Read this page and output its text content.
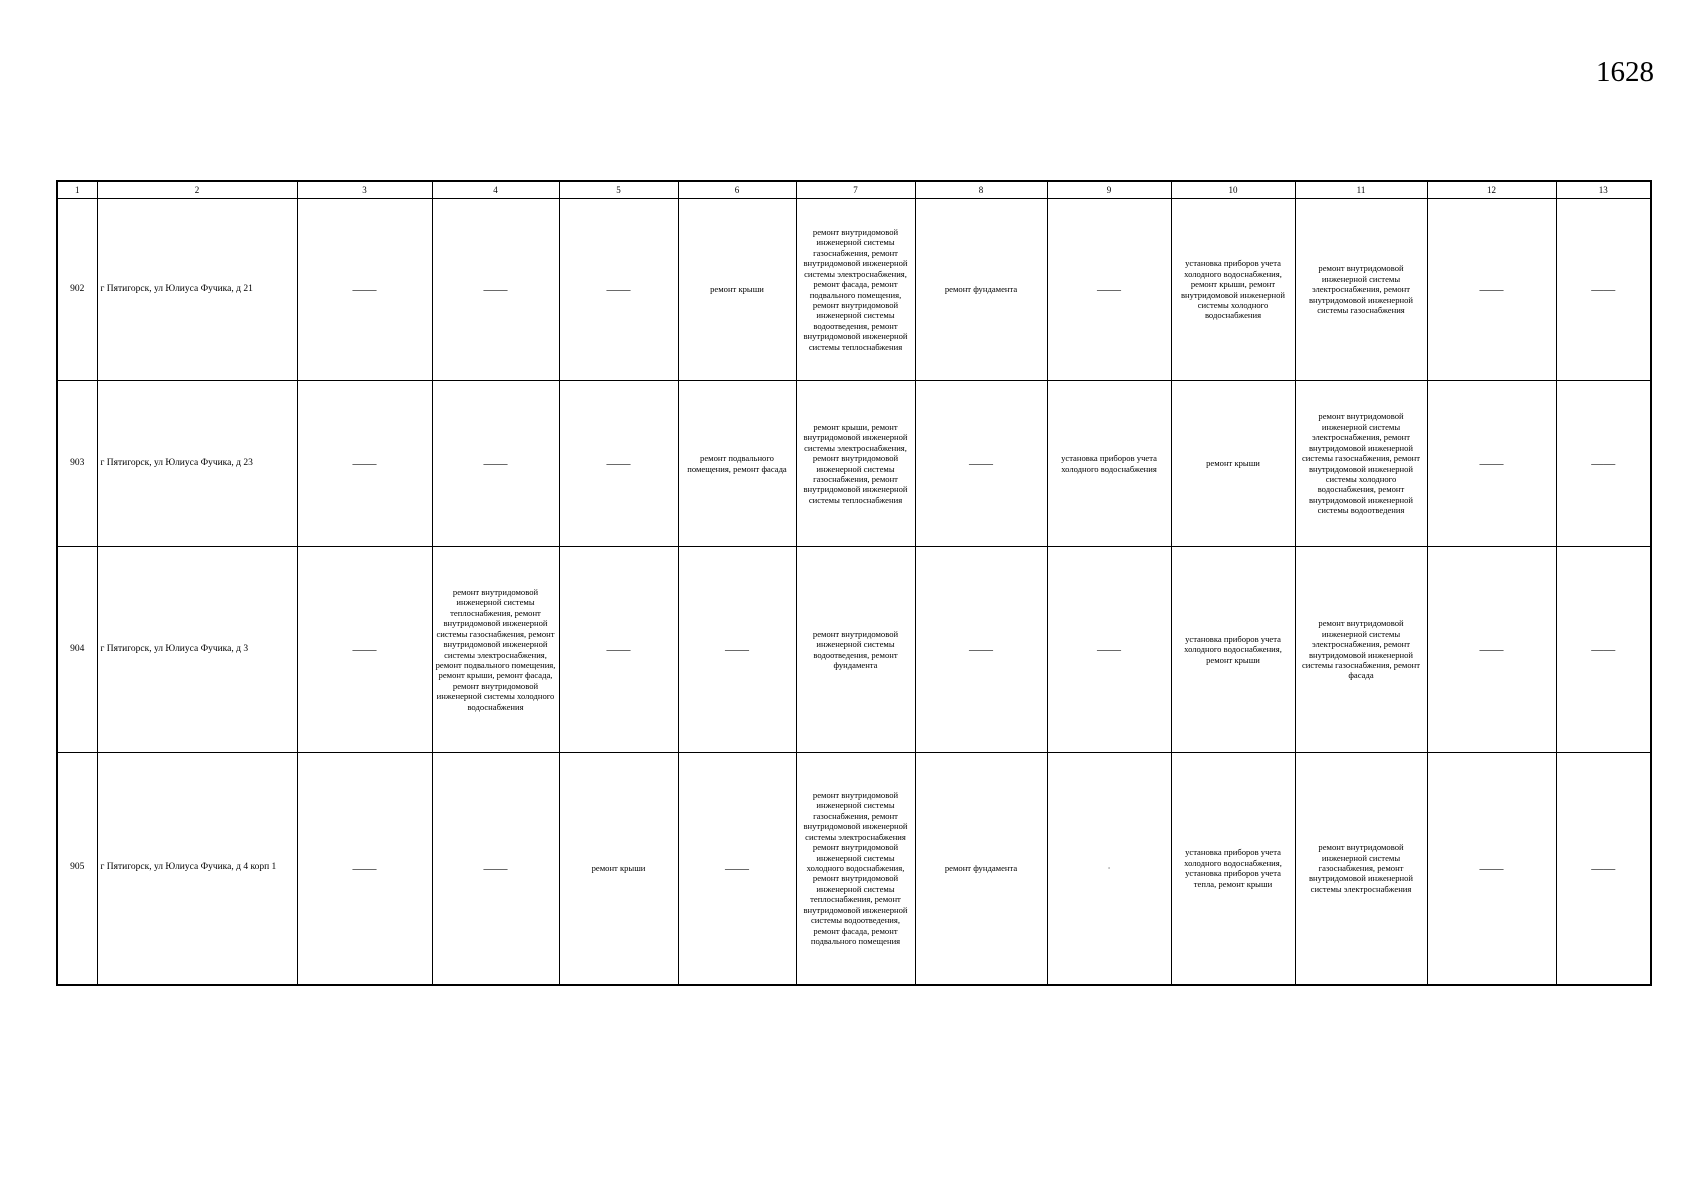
1628
1	2	3	4	5	6	7	8	9	10	11	12	13
902	г Пятигорск, ул Юлиуса Фучика, д 21	——	——	——	ремонт крыши	ремонт внутридомовой инженерной системы газоснабжения, ремонт внутридомовой инженерной системы электроснабжения, ремонт фасада, ремонт подвального помещения, ремонт внутридомовой инженерной системы водоотведения, ремонт внутридомовой инженерной системы теплоснабжения	ремонт фундамента	——	установка приборов учета холодного водоснабжения, ремонт крыши, ремонт внутридомовой инженерной системы холодного водоснабжения	ремонт внутридомовой инженерной системы электроснабжения, ремонт внутридомовой инженерной системы газоснабжения	——	——
903	г Пятигорск, ул Юлиуса Фучика, д 23	——	——	——	ремонт подвального помещения, ремонт фасада	ремонт крыши, ремонт внутридомовой инженерной системы электроснабжения, ремонт внутридомовой инженерной системы газоснабжения, ремонт внутридомовой инженерной системы теплоснабжения	——	установка приборов учета холодного водоснабжения	ремонт крыши	ремонт внутридомовой инженерной системы электроснабжения, ремонт внутридомовой инженерной системы газоснабжения, ремонт внутридомовой инженерной системы холодного водоснабжения, ремонт внутридомовой инженерной системы водоотведения	——	——
904	г Пятигорск, ул Юлиуса Фучика, д 3	——	ремонт внутридомовой инженерной системы теплоснабжения, ремонт внутридомовой инженерной системы газоснабжения, ремонт внутридомовой инженерной системы электроснабжения, ремонт подвального помещения, ремонт крыши, ремонт фасада, ремонт внутридомовой инженерной системы холодного водоснабжения	——	——	ремонт внутридомовой инженерной системы водоотведения, ремонт фундамента	——	——	установка приборов учета холодного водоснабжения, ремонт крыши	ремонт внутридомовой инженерной системы электроснабжения, ремонт внутридомовой инженерной системы газоснабжения, ремонт фасада	——	——
905	г Пятигорск, ул Юлиуса Фучика, д 4 корп 1	——	——	ремонт крыши	——	ремонт внутридомовой инженерной системы газоснабжения, ремонт внутридомовой инженерной системы электроснабжения ремонт внутридомовой инженерной системы холодного водоснабжения, ремонт внутридомовой инженерной системы теплоснабжения, ремонт внутридомовой инженерной системы водоотведения, ремонт фасада, ремонт подвального помещения	ремонт фундамента	·	установка приборов учета холодного водоснабжения, установка приборов учета тепла, ремонт крыши	ремонт внутридомовой инженерной системы газоснабжения, ремонт внутридомовой инженерной системы электроснабжения	——	——
